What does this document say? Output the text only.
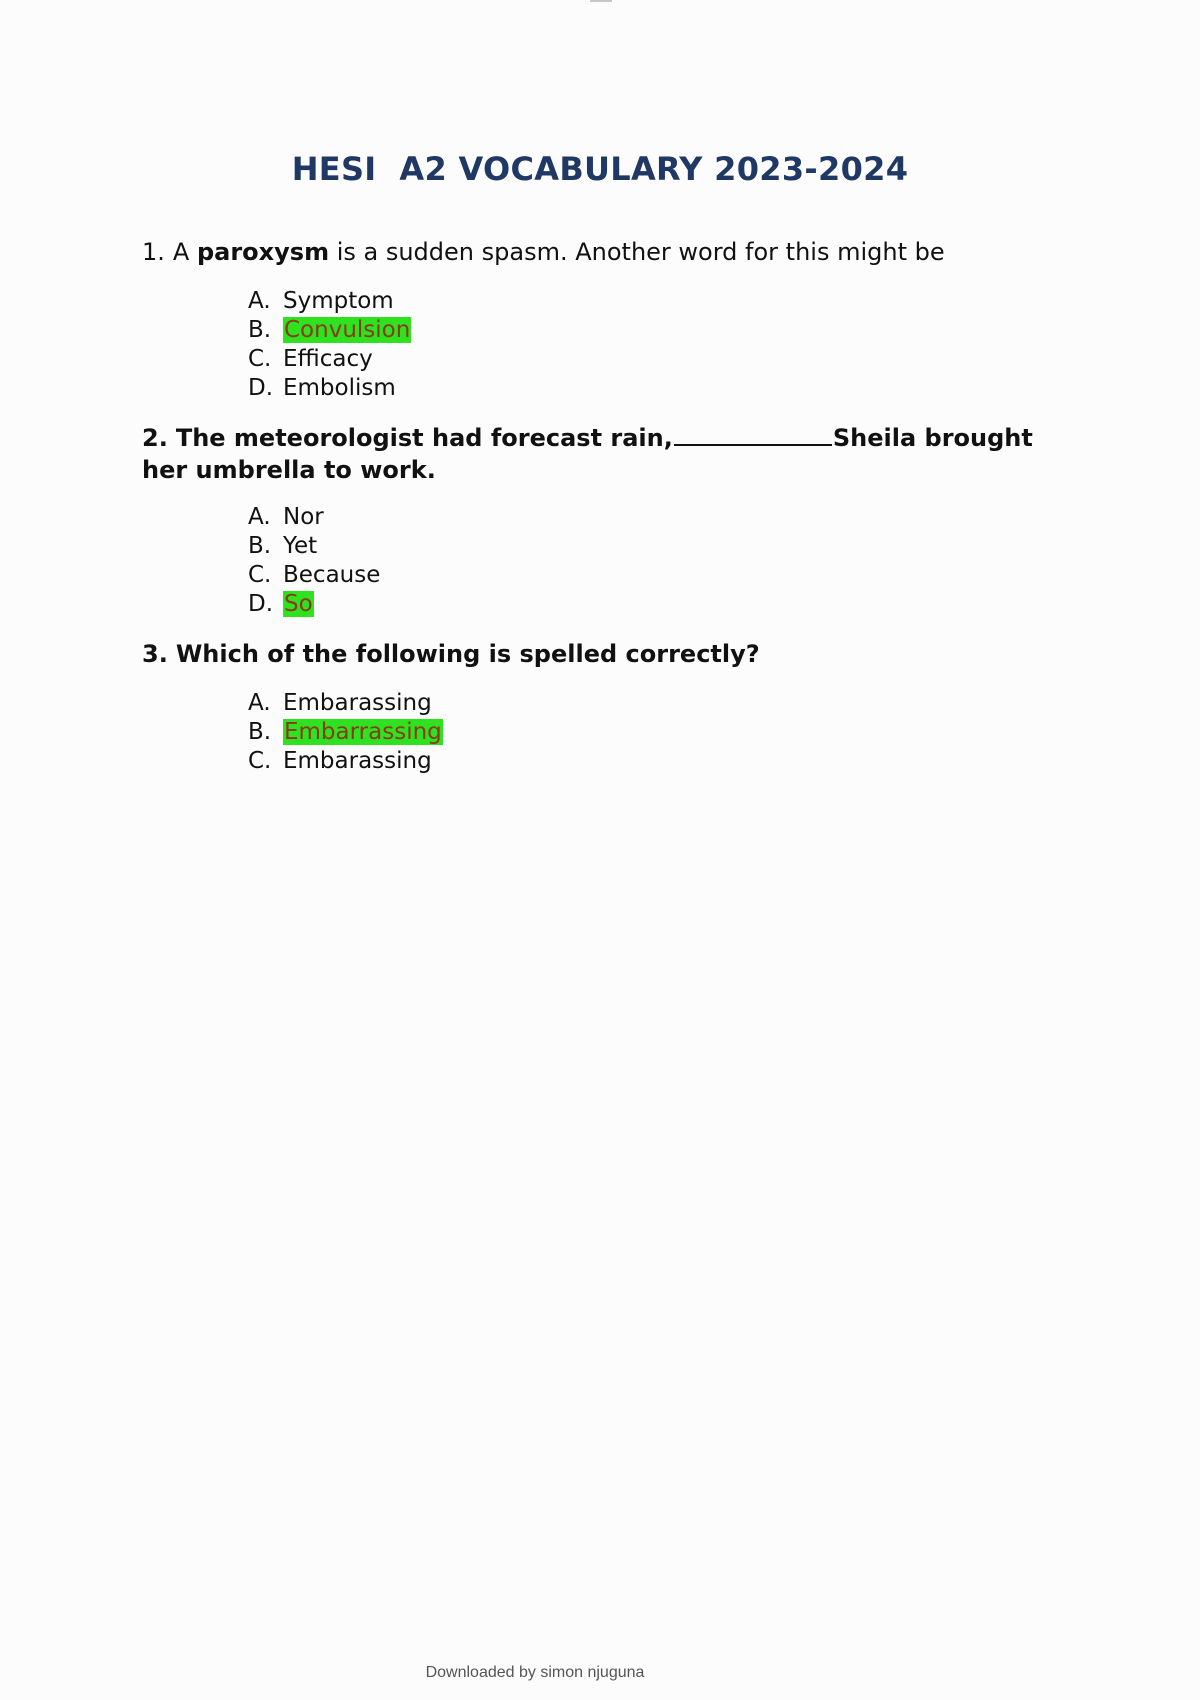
HESI  A2 VOCABULARY 2023-2024
1. A paroxysm is a sudden spasm. Another word for this might be
A. Symptom
B. Convulsion
C. Efficacy
D. Embolism
2. The meteorologist had forecast rain,	Sheila brought her umbrella to work.
A. Nor
B. Yet
C. Because
D. So
3. Which of the following is spelled correctly?
A. Embarassing
B. Embarrassing
C. Embarassing
Downloaded by simon njuguna
